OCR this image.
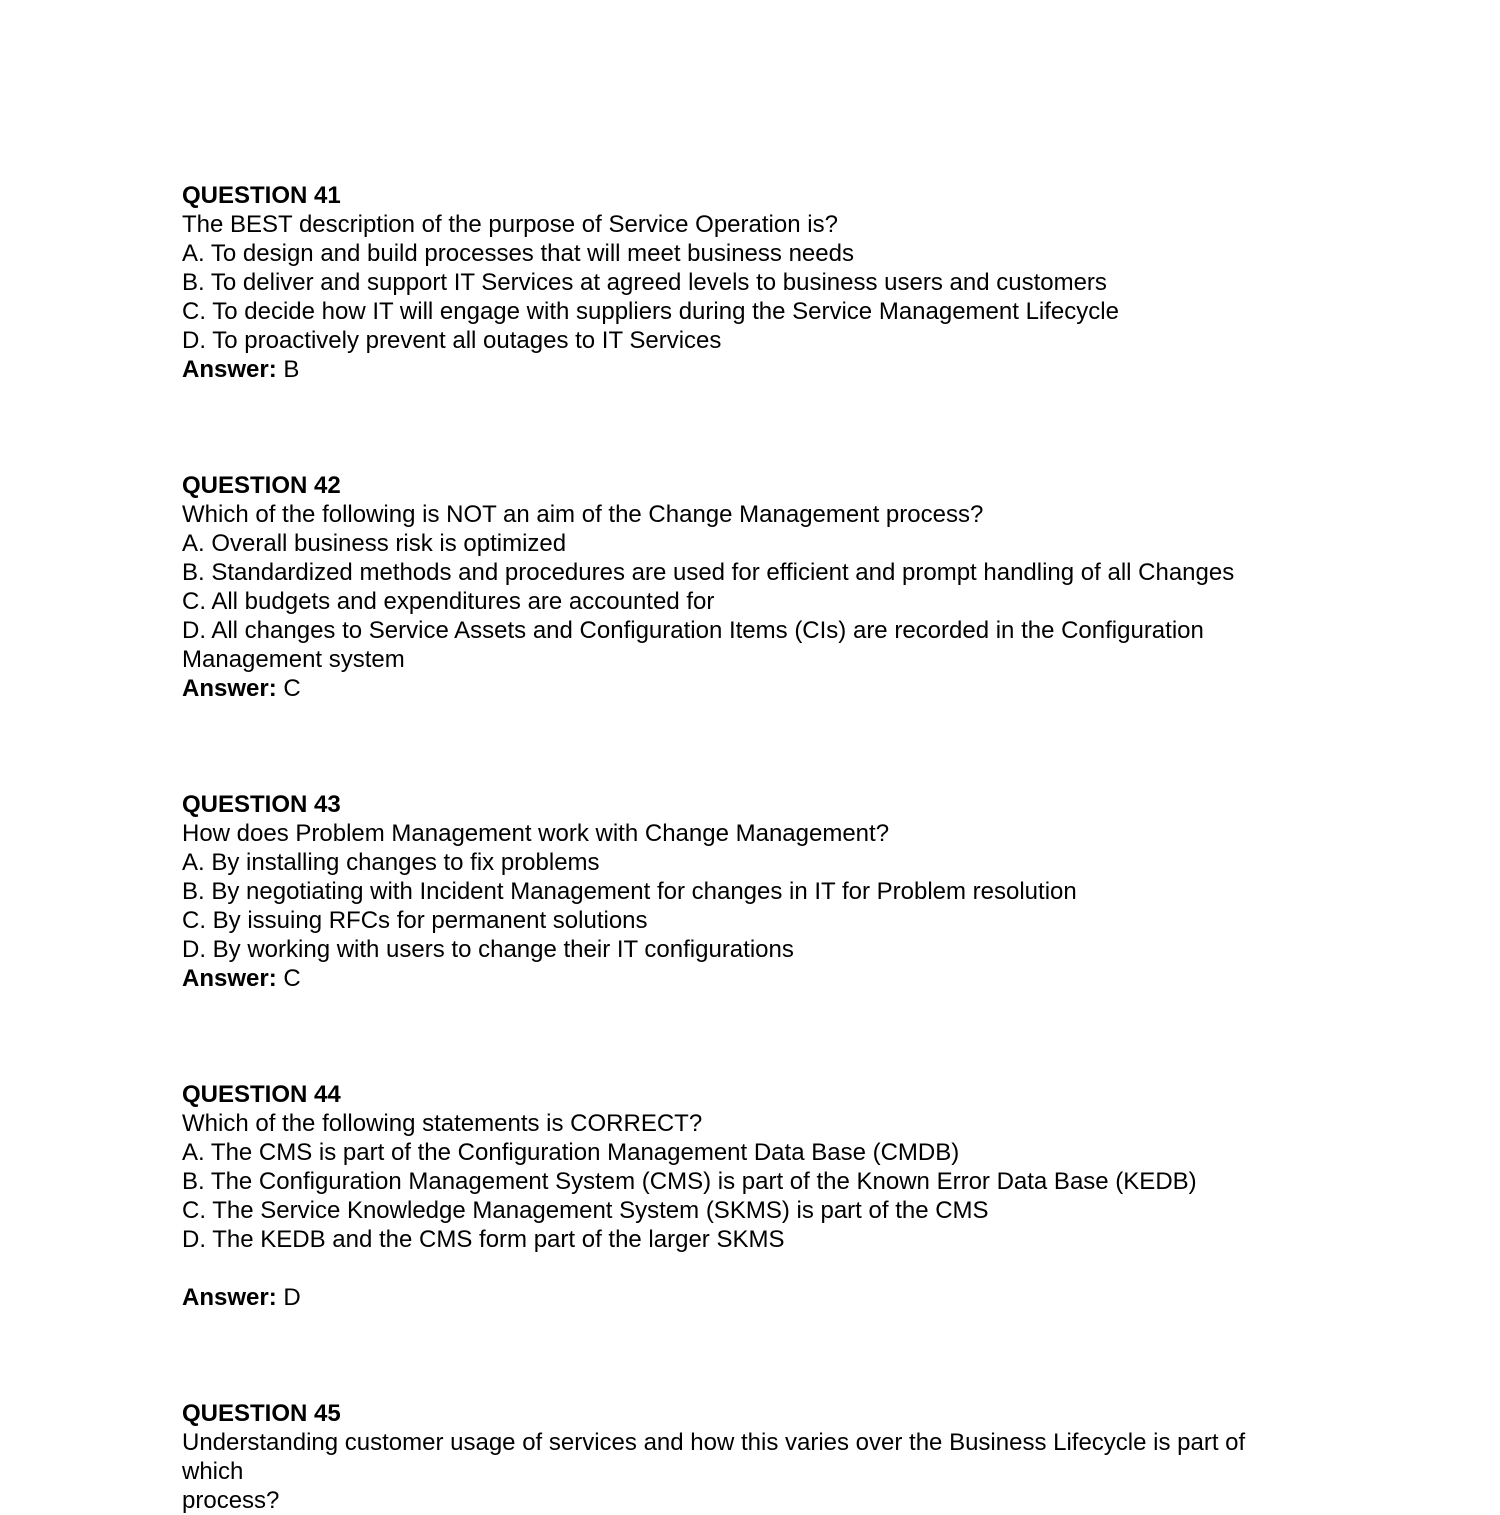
QUESTION 41
The BEST description of the purpose of Service Operation is?
A. To design and build processes that will meet business needs
B. To deliver and support IT Services at agreed levels to business users and customers
C. To decide how IT will engage with suppliers during the Service Management Lifecycle
D. To proactively prevent all outages to IT Services
Answer: B
QUESTION 42
Which of the following is NOT an aim of the Change Management process?
A. Overall business risk is optimized
B. Standardized methods and procedures are used for efficient and prompt handling of all Changes
C. All budgets and expenditures are accounted for
D. All changes to Service Assets and Configuration Items (CIs) are recorded in the Configuration
Management system
Answer: C
QUESTION 43
How does Problem Management work with Change Management?
A. By installing changes to fix problems
B. By negotiating with Incident Management for changes in IT for Problem resolution
C. By issuing RFCs for permanent solutions
D. By working with users to change their IT configurations
Answer: C
QUESTION 44
Which of the following statements is CORRECT?
A. The CMS is part of the Configuration Management Data Base (CMDB)
B. The Configuration Management System (CMS) is part of the Known Error Data Base (KEDB)
C. The Service Knowledge Management System (SKMS) is part of the CMS
D. The KEDB and the CMS form part of the larger SKMS
Answer: D
QUESTION 45
Understanding customer usage of services and how this varies over the Business Lifecycle is part of
which
process?
